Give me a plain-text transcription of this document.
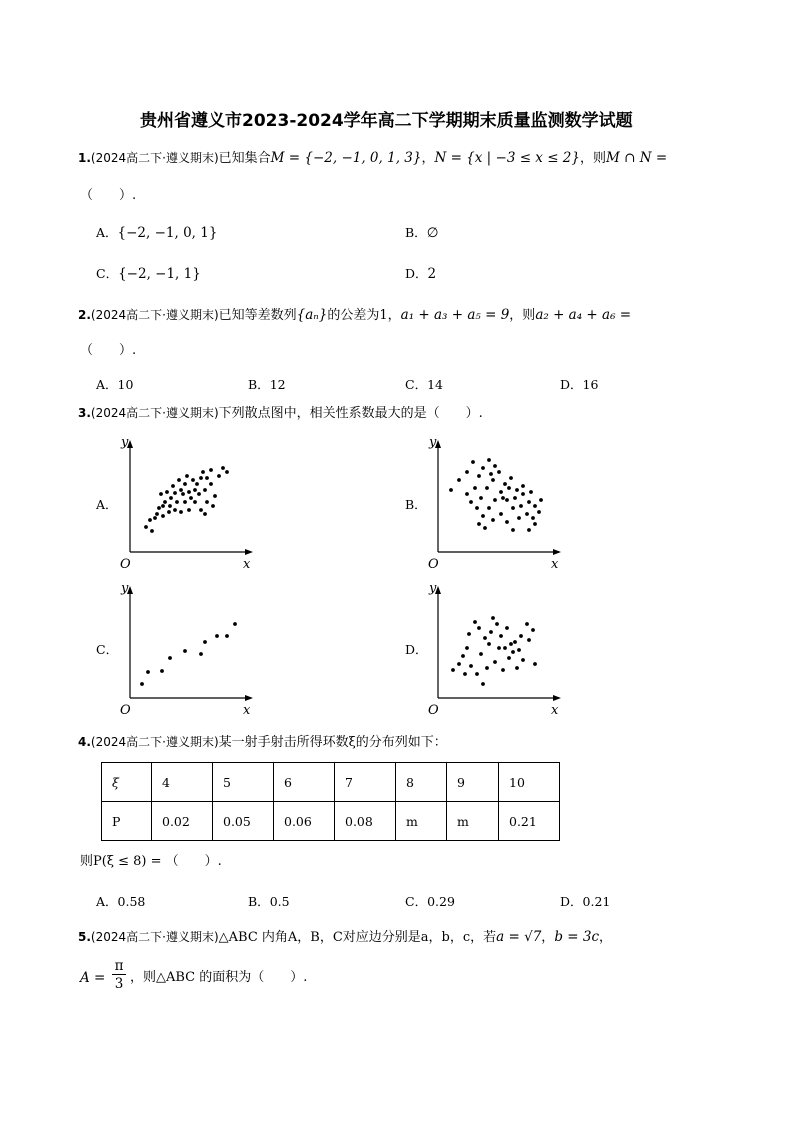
贵州省遵义市2023-2024学年高二下学期期末质量监测数学试题
1.(2024高二下·遵义期末)已知集合M = {−2, −1, 0, 1, 3}，N = {x | −3 ≤ x ≤ 2}，则M ∩ N =
（　　）.
A．{−2, −1, 0, 1}	B．∅
C．{−2, −1, 1}	D．2
2.(2024高二下·遵义期末)已知等差数列{aₙ}的公差为1，a₁ + a₃ + a₅ = 9，则a₂ + a₄ + a₆ =
（　　）.
A．10	B．12	C．14	D．16
3.(2024高二下·遵义期末)下列散点图中，相关性系数最大的是（　　）.
A．	B．
C．	D．
y
x
O
y
x
O
y
x
O
y
x
O
4.(2024高二下·遵义期末)某一射手射击所得环数ξ的分布列如下：
ξ	4	5	6	7	8	9	10
P	0.02	0.05	0.06	0.08	m	m	0.21
则P(ξ ≤ 8) = （　　）.
A．0.58	B．0.5	C．0.29	D．0.21
5.(2024高二下·遵义期末)△ABC 内角A，B，C对应边分别是a，b，c，若a = √7，b = 3c，
$A = \frac{\pi}{3}$ ，则△ABC 的面积为（　　）.
